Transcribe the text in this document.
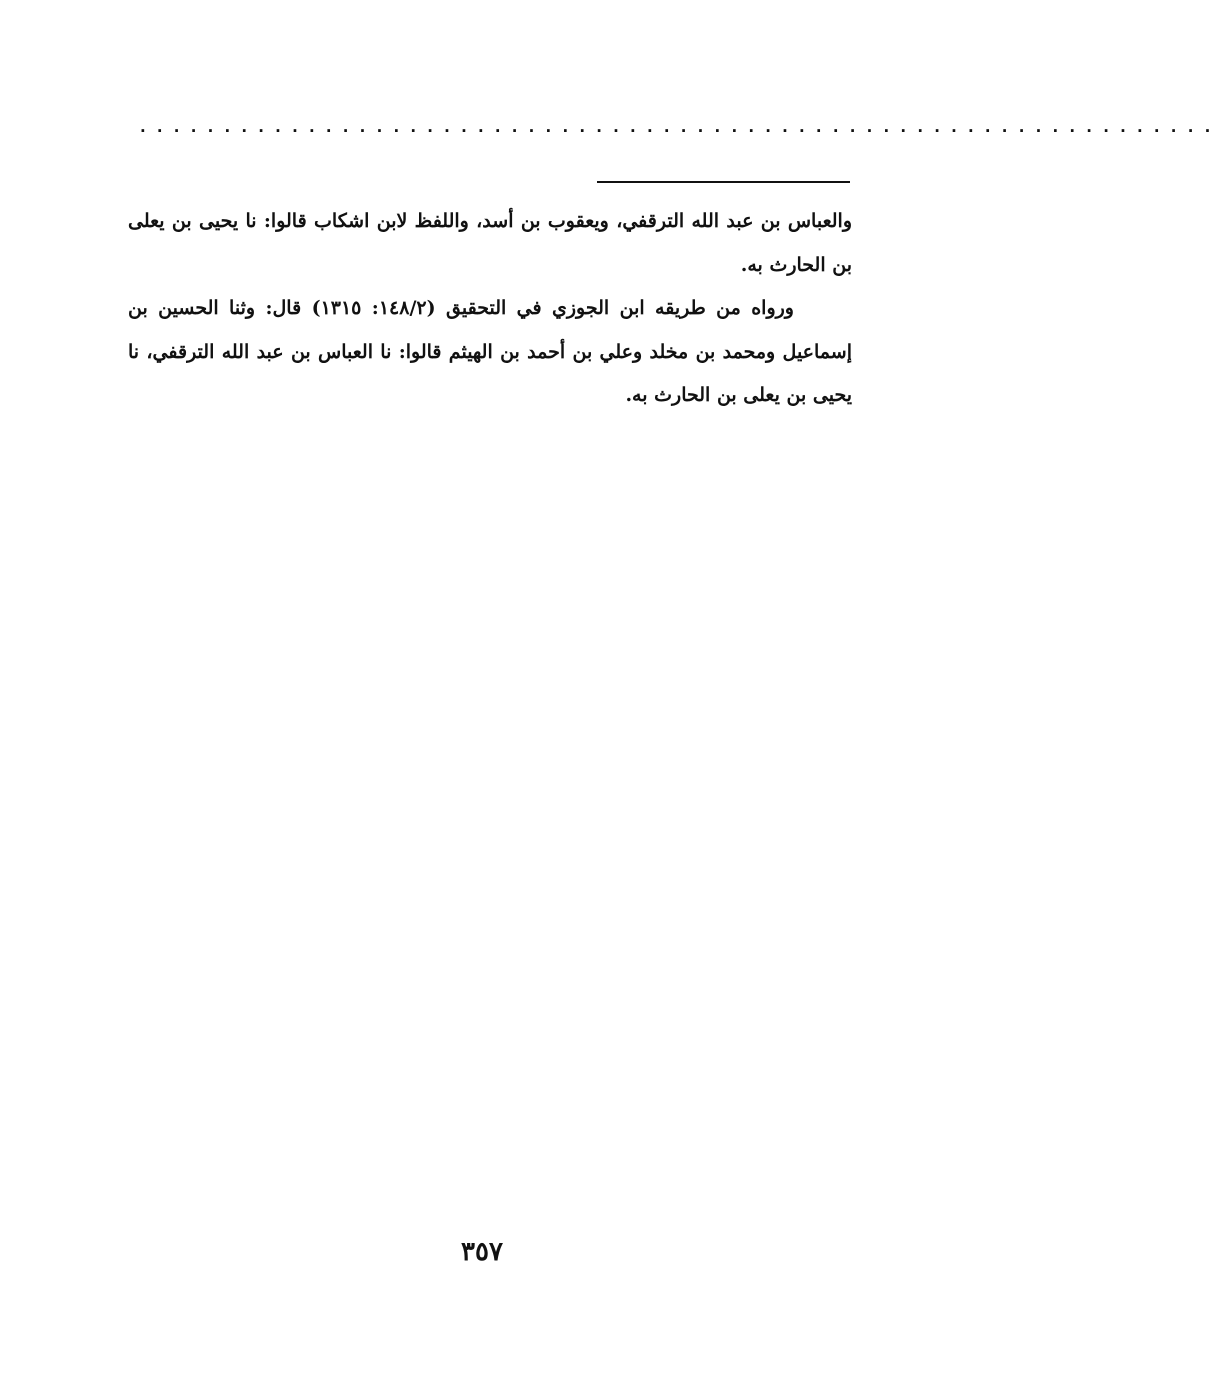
................................................................

والعباس بن عبد الله الترقفي، ويعقوب بن أسد، واللفظ لابن اشكاب قالوا: نا يحيى بن يعلى بن الحارث به.

ورواه من طريقه ابن الجوزي في التحقيق (١٤٨/٢: ١٣١٥) قال: وثنا الحسين بن إسماعيل ومحمد بن مخلد وعلي بن أحمد بن الهيثم قالوا: نا العباس بن عبد الله الترقفي، نا يحيى بن يعلى بن الحارث به.

٣٥٧
